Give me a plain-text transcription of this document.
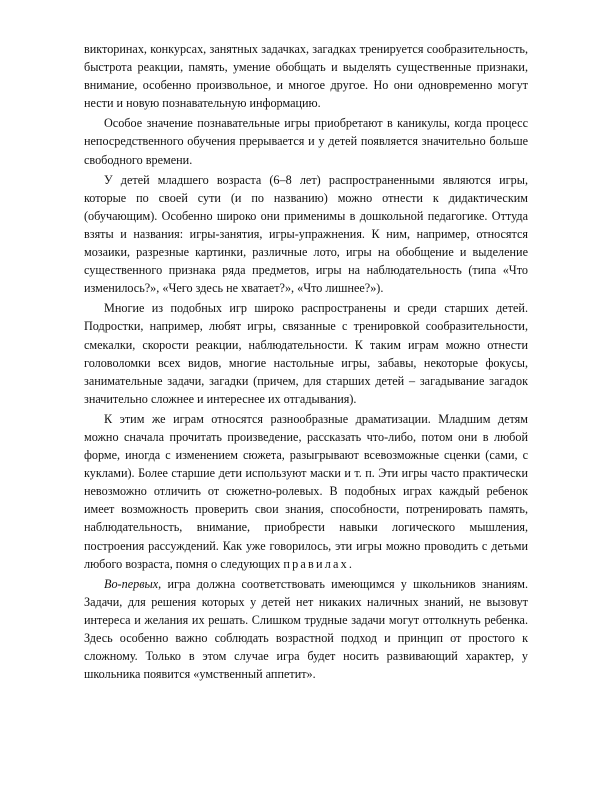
викторинах, конкурсах, занятных задачках, загадках тренируется сообразительность, быстрота реакции, память, умение обобщать и выделять существенные признаки, внимание, особенно произвольное, и многое другое. Но они одновременно могут нести и новую познавательную информацию.

Особое значение познавательные игры приобретают в каникулы, когда процесс непосредственного обучения прерывается и у детей появляется значительно больше свободного времени.

У детей младшего возраста (6–8 лет) распространенными являются игры, которые по своей сути (и по названию) можно отнести к дидактическим (обучающим). Особенно широко они применимы в дошкольной педагогике. Оттуда взяты и названия: игры-занятия, игры-упражнения. К ним, например, относятся мозаики, разрезные картинки, различные лото, игры на обобщение и выделение существенного признака ряда предметов, игры на наблюдательность (типа «Что изменилось?», «Чего здесь не хватает?», «Что лишнее?»).

Многие из подобных игр широко распространены и среди старших детей. Подростки, например, любят игры, связанные с тренировкой сообразительности, смекалки, скорости реакции, наблюдательности. К таким играм можно отнести головоломки всех видов, многие настольные игры, забавы, некоторые фокусы, занимательные задачи, загадки (причем, для старших детей – загадывание загадок значительно сложнее и интереснее их отгадывания).

К этим же играм относятся разнообразные драматизации. Младшим детям можно сначала прочитать произведение, рассказать что-либо, потом они в любой форме, иногда с изменением сюжета, разыгрывают всевозможные сценки (сами, с куклами). Более старшие дети используют маски и т. п. Эти игры часто практически невозможно отличить от сюжетно-ролевых. В подобных играх каждый ребенок имеет возможность проверить свои знания, способности, потренировать память, наблюдательность, внимание, приобрести навыки логического мышления, построения рассуждений. Как уже говорилось, эти игры можно проводить с детьми любого возраста, помня о следующих правилах.

Во-первых, игра должна соответствовать имеющимся у школьников знаниям. Задачи, для решения которых у детей нет никаких наличных знаний, не вызовут интереса и желания их решать. Слишком трудные задачи могут оттолкнуть ребенка. Здесь особенно важно соблюдать возрастной подход и принцип от простого к сложному. Только в этом случае игра будет носить развивающий характер, у школьника появится «умственный аппетит».
